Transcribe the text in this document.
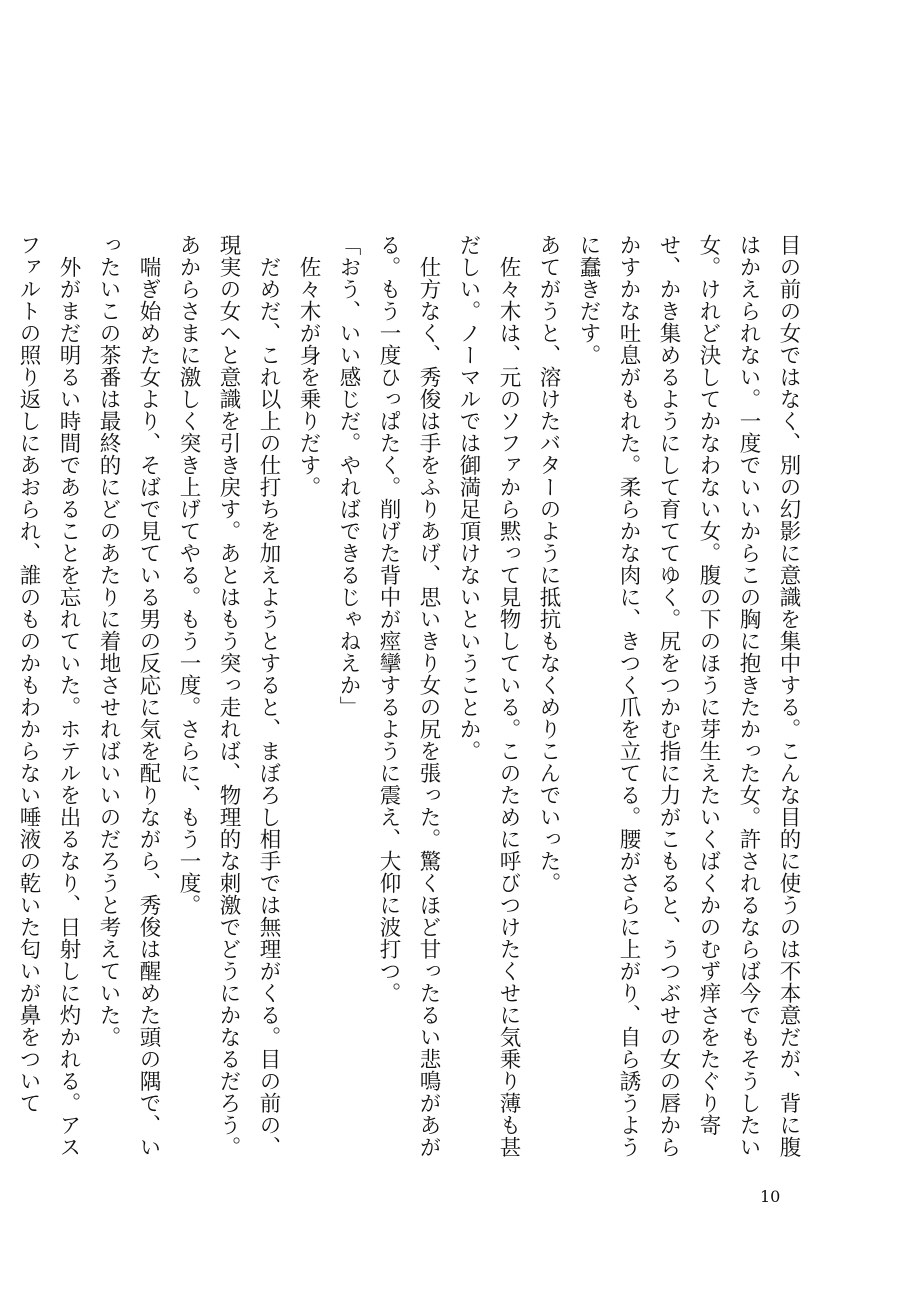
目の前の女ではなく、別の幻影に意識を集中する。こんな目的に使うのは不本意だが、背に腹はかえられない。一度でいいからこの胸に抱きたかった女。許されるならば今でもそうしたい女。けれど決してかなわない女。腹の下のほうに芽生えたいくばくかのむず痒さをたぐり寄せ、かき集めるようにして育ててゆく。尻をつかむ指に力がこもると、うつぶせの女の唇からかすかな吐息がもれた。柔らかな肉に、きつく爪を立てる。腰がさらに上がり、自ら誘うように蠢きだす。

あてがうと、溶けたバターのように抵抗もなくめりこんでいった。

佐々木は、元のソファから黙って見物している。このために呼びつけたくせに気乗り薄も甚だしい。ノーマルでは御満足頂けないということか。

仕方なく、秀俊は手をふりあげ、思いきり女の尻を張った。驚くほど甘ったるい悲鳴があがる。もう一度ひっぱたく。削げた背中が痙攣するように震え、大仰に波打つ。

「おう、いい感じだ。やればできるじゃねえか」

佐々木が身を乗りだす。

だめだ、これ以上の仕打ちを加えようとすると、まぼろし相手では無理がくる。目の前の、現実の女へと意識を引き戻す。あとはもう突っ走れば、物理的な刺激でどうにかなるだろう。あからさまに激しく突き上げてやる。もう一度。さらに、もう一度。

喘ぎ始めた女より、そばで見ている男の反応に気を配りながら、秀俊は醒めた頭の隅で、いったいこの茶番は最終的にどのあたりに着地させればいいのだろうと考えていた。

外がまだ明るい時間であることを忘れていた。ホテルを出るなり、日射しに灼かれる。アスファルトの照り返しにあおられ、誰のものかもわからない唾液の乾いた匂いが鼻をついて

10
